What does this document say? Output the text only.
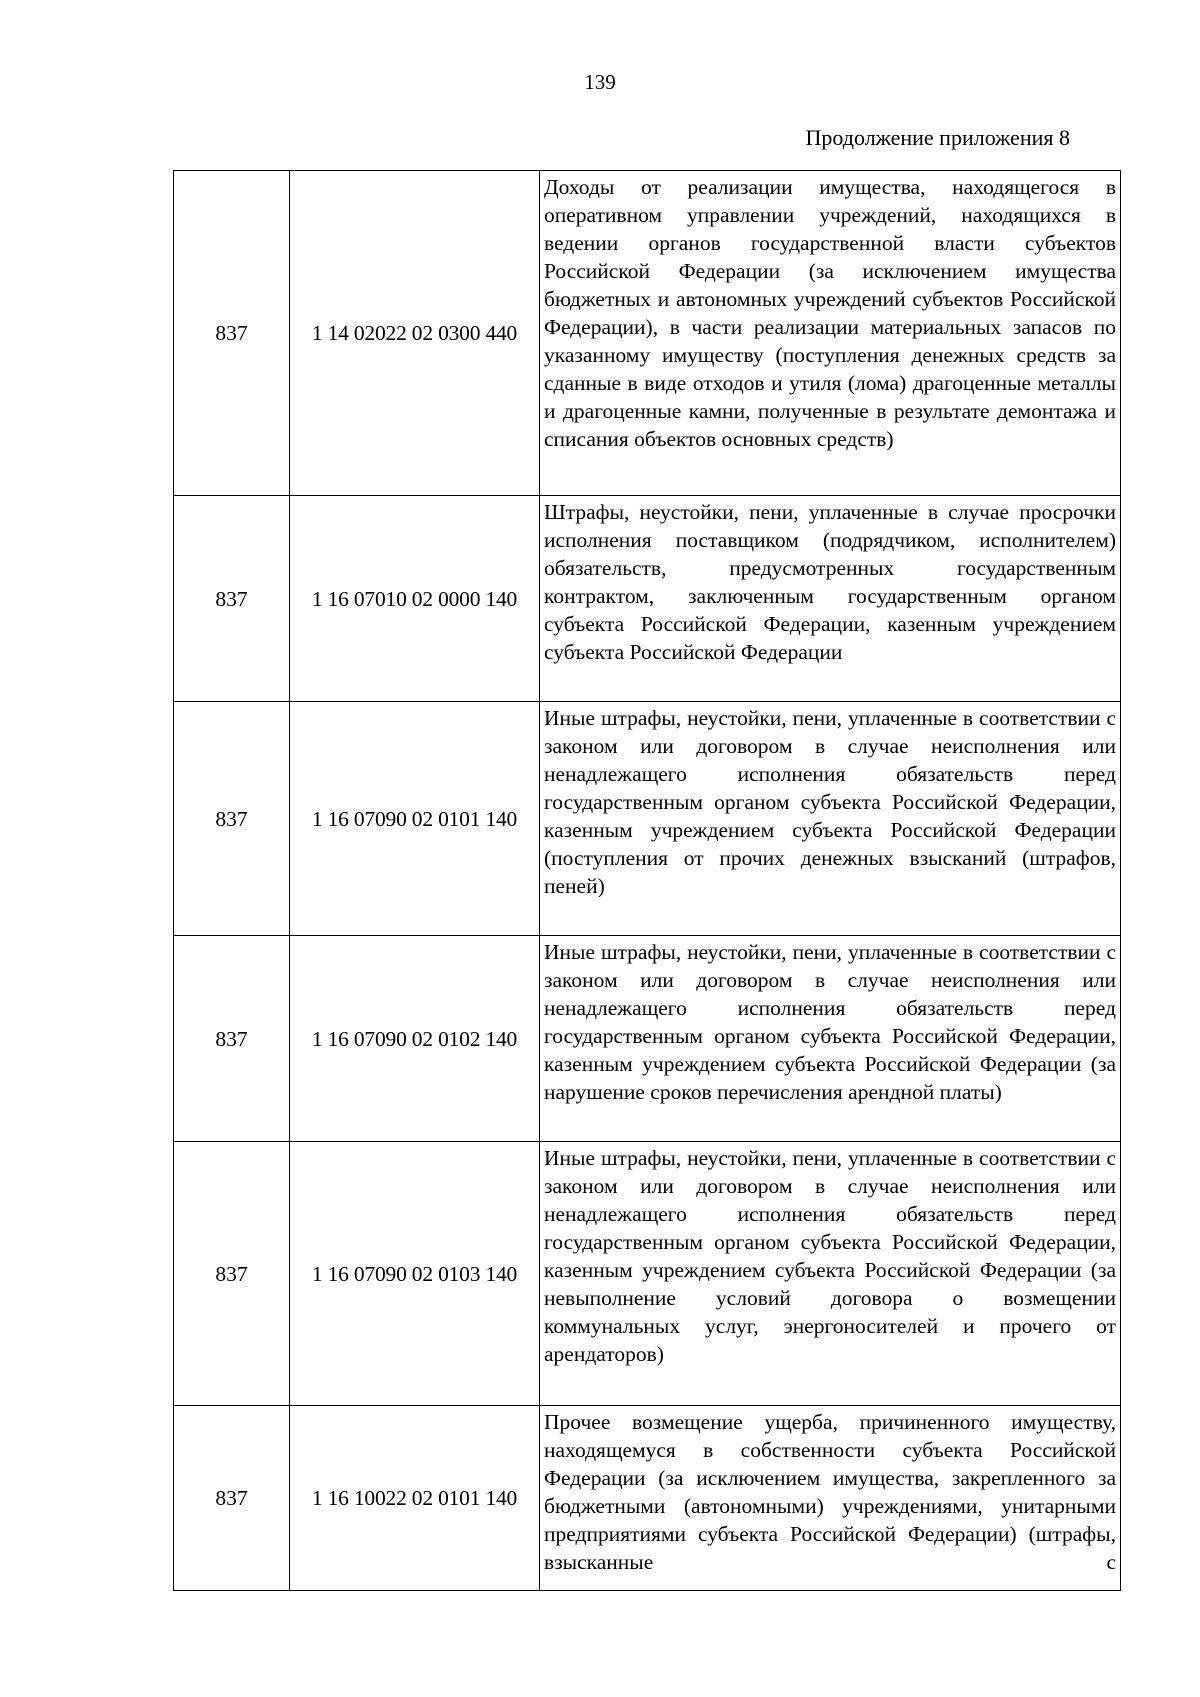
139
Продолжение приложения 8
837	1 14 02022 02 0300 440	Доходы от реализации имущества, находящегося в оперативном управлении учреждений, находящихся в ведении органов государственной власти субъектов Российской Федерации (за исключением имущества бюджетных и автономных учреждений субъектов Российской Федерации), в части реализации материальных запасов по указанному имуществу (поступления денежных средств за сданные в виде отходов и утиля (лома) драгоценные металлы и драгоценные камни, полученные в результате демонтажа и списания объектов основных средств)
837	1 16 07010 02 0000 140	Штрафы, неустойки, пени, уплаченные в случае просрочки исполнения поставщиком (подрядчиком, исполнителем) обязательств, предусмотренных государственным контрактом, заключенным государственным органом субъекта Российской Федерации, казенным учреждением субъекта Российской Федерации
837	1 16 07090 02 0101 140	Иные штрафы, неустойки, пени, уплаченные в соответствии с законом или договором в случае неисполнения или ненадлежащего исполнения обязательств перед государственным органом субъекта Российской Федерации, казенным учреждением субъекта Российской Федерации (поступления от прочих денежных взысканий (штрафов, пеней)
837	1 16 07090 02 0102 140	Иные штрафы, неустойки, пени, уплаченные в соответствии с законом или договором в случае неисполнения или ненадлежащего исполнения обязательств перед государственным органом субъекта Российской Федерации, казенным учреждением субъекта Российской Федерации (за нарушение сроков перечисления арендной платы)
837	1 16 07090 02 0103 140	Иные штрафы, неустойки, пени, уплаченные в соответствии с законом или договором в случае неисполнения или ненадлежащего исполнения обязательств перед государственным органом субъекта Российской Федерации, казенным учреждением субъекта Российской Федерации (за невыполнение условий договора о возмещении коммунальных услуг, энергоносителей и прочего от арендаторов)
837	1 16 10022 02 0101 140	Прочее возмещение ущерба, причиненного имуществу, находящемуся в собственности субъекта Российской Федерации (за исключением имущества, закрепленного за бюджетными (автономными) учреждениями, унитарными предприятиями субъекта Российской Федерации) (штрафы, взысканные с
